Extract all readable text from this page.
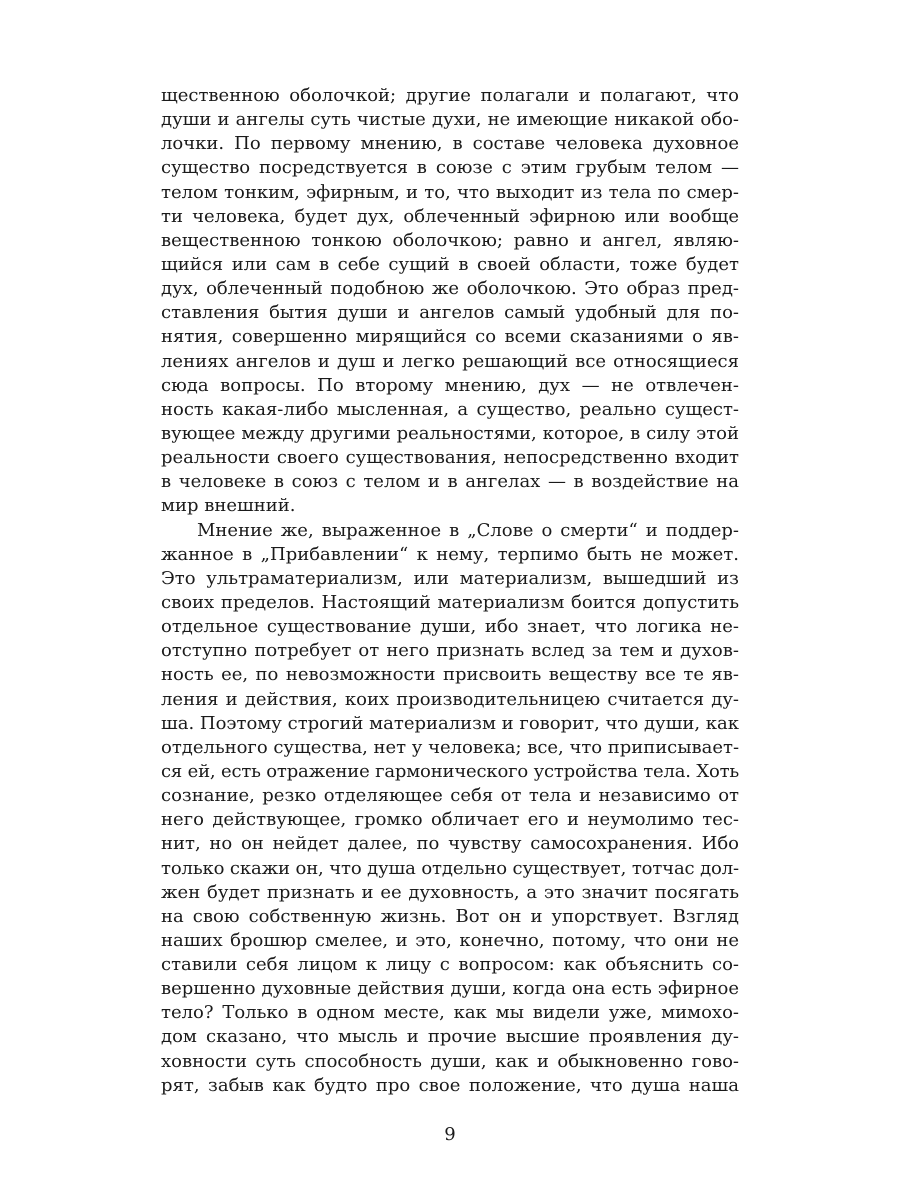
щественною оболочкой; другие полагали и полагают, что
души и ангелы суть чистые духи, не имеющие никакой обо-
лочки. По первому мнению, в составе человека духовное
существо посредствуется в союзе с этим грубым телом —
телом тонким, эфирным, и то, что выходит из тела по смер-
ти человека, будет дух, облеченный эфирною или вообще
вещественною тонкою оболочкою; равно и ангел, являю-
щийся или сам в себе сущий в своей области, тоже будет
дух, облеченный подобною же оболочкою. Это образ пред-
ставления бытия души и ангелов самый удобный для по-
нятия, совершенно мирящийся со всеми сказаниями о яв-
лениях ангелов и душ и легко решающий все относящиеся
сюда вопросы. По второму мнению, дух — не отвлечен-
ность какая-либо мысленная, а существо, реально сущест-
вующее между другими реальностями, которое, в силу этой
реальности своего существования, непосредственно входит
в человеке в союз с телом и в ангелах — в воздействие на
мир внешний.
Мнение же, выраженное в „Слове о смерти“ и поддер-
жанное в „Прибавлении“ к нему, терпимо быть не может.
Это ультраматериализм, или материализм, вышедший из
своих пределов. Настоящий материализм боится допустить
отдельное существование души, ибо знает, что логика не-
отступно потребует от него признать вслед за тем и духов-
ность ее, по невозможности присвоить веществу все те яв-
ления и действия, коих производительницею считается ду-
ша. Поэтому строгий материализм и говорит, что души, как
отдельного существа, нет у человека; все, что приписывает-
ся ей, есть отражение гармонического устройства тела. Хоть
сознание, резко отделяющее себя от тела и независимо от
него действующее, громко обличает его и неумолимо тес-
нит, но он нейдет далее, по чувству самосохранения. Ибо
только скажи он, что душа отдельно существует, тотчас дол-
жен будет признать и ее духовность, а это значит посягать
на свою собственную жизнь. Вот он и упорствует. Взгляд
наших брошюр смелее, и это, конечно, потому, что они не
ставили себя лицом к лицу с вопросом: как объяснить со-
вершенно духовные действия души, когда она есть эфирное
тело? Только в одном месте, как мы видели уже, мимохо-
дом сказано, что мысль и прочие высшие проявления ду-
ховности суть способность души, как и обыкновенно гово-
рят, забыв как будто про свое положение, что душа наша
9
